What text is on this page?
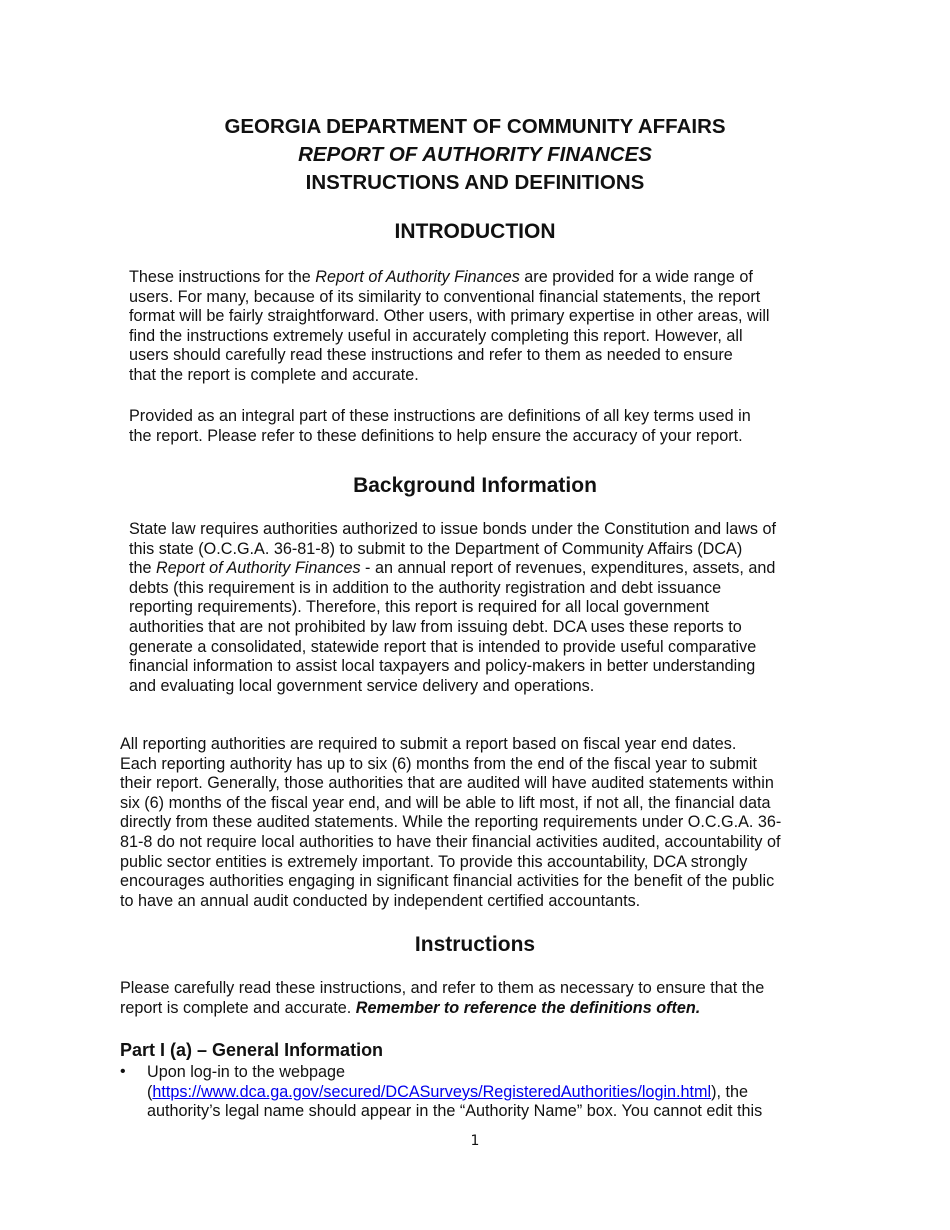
GEORGIA DEPARTMENT OF COMMUNITY AFFAIRS
REPORT OF AUTHORITY FINANCES
INSTRUCTIONS AND DEFINITIONS
INTRODUCTION
These instructions for the Report of Authority Finances are provided for a wide range of
users. For many, because of its similarity to conventional financial statements, the report
format will be fairly straightforward. Other users, with primary expertise in other areas, will
find the instructions extremely useful in accurately completing this report. However, all
users should carefully read these instructions and refer to them as needed to ensure
that the report is complete and accurate.
Provided as an integral part of these instructions are definitions of all key terms used in
the report. Please refer to these definitions to help ensure the accuracy of your report.
Background Information
State law requires authorities authorized to issue bonds under the Constitution and laws of
this state (O.C.G.A. 36-81-8) to submit to the Department of Community Affairs (DCA)
the Report of Authority Finances - an annual report of revenues, expenditures, assets, and
debts (this requirement is in addition to the authority registration and debt issuance
reporting requirements). Therefore, this report is required for all local government
authorities that are not prohibited by law from issuing debt. DCA uses these reports to
generate a consolidated, statewide report that is intended to provide useful comparative
financial information to assist local taxpayers and policy-makers in better understanding
and evaluating local government service delivery and operations.
All reporting authorities are required to submit a report based on fiscal year end dates.
Each reporting authority has up to six (6) months from the end of the fiscal year to submit
their report. Generally, those authorities that are audited will have audited statements within
six (6) months of the fiscal year end, and will be able to lift most, if not all, the financial data
directly from these audited statements. While the reporting requirements under O.C.G.A. 36-
81-8 do not require local authorities to have their financial activities audited, accountability of
public sector entities is extremely important. To provide this accountability, DCA strongly
encourages authorities engaging in significant financial activities for the benefit of the public
to have an annual audit conducted by independent certified accountants.
Instructions
Please carefully read these instructions, and refer to them as necessary to ensure that the
report is complete and accurate. Remember to reference the definitions often.
Part I (a) – General Information
• Upon log-in to the webpage
(https://www.dca.ga.gov/secured/DCASurveys/RegisteredAuthorities/login.html), the
authority’s legal name should appear in the “Authority Name” box. You cannot edit this
1
